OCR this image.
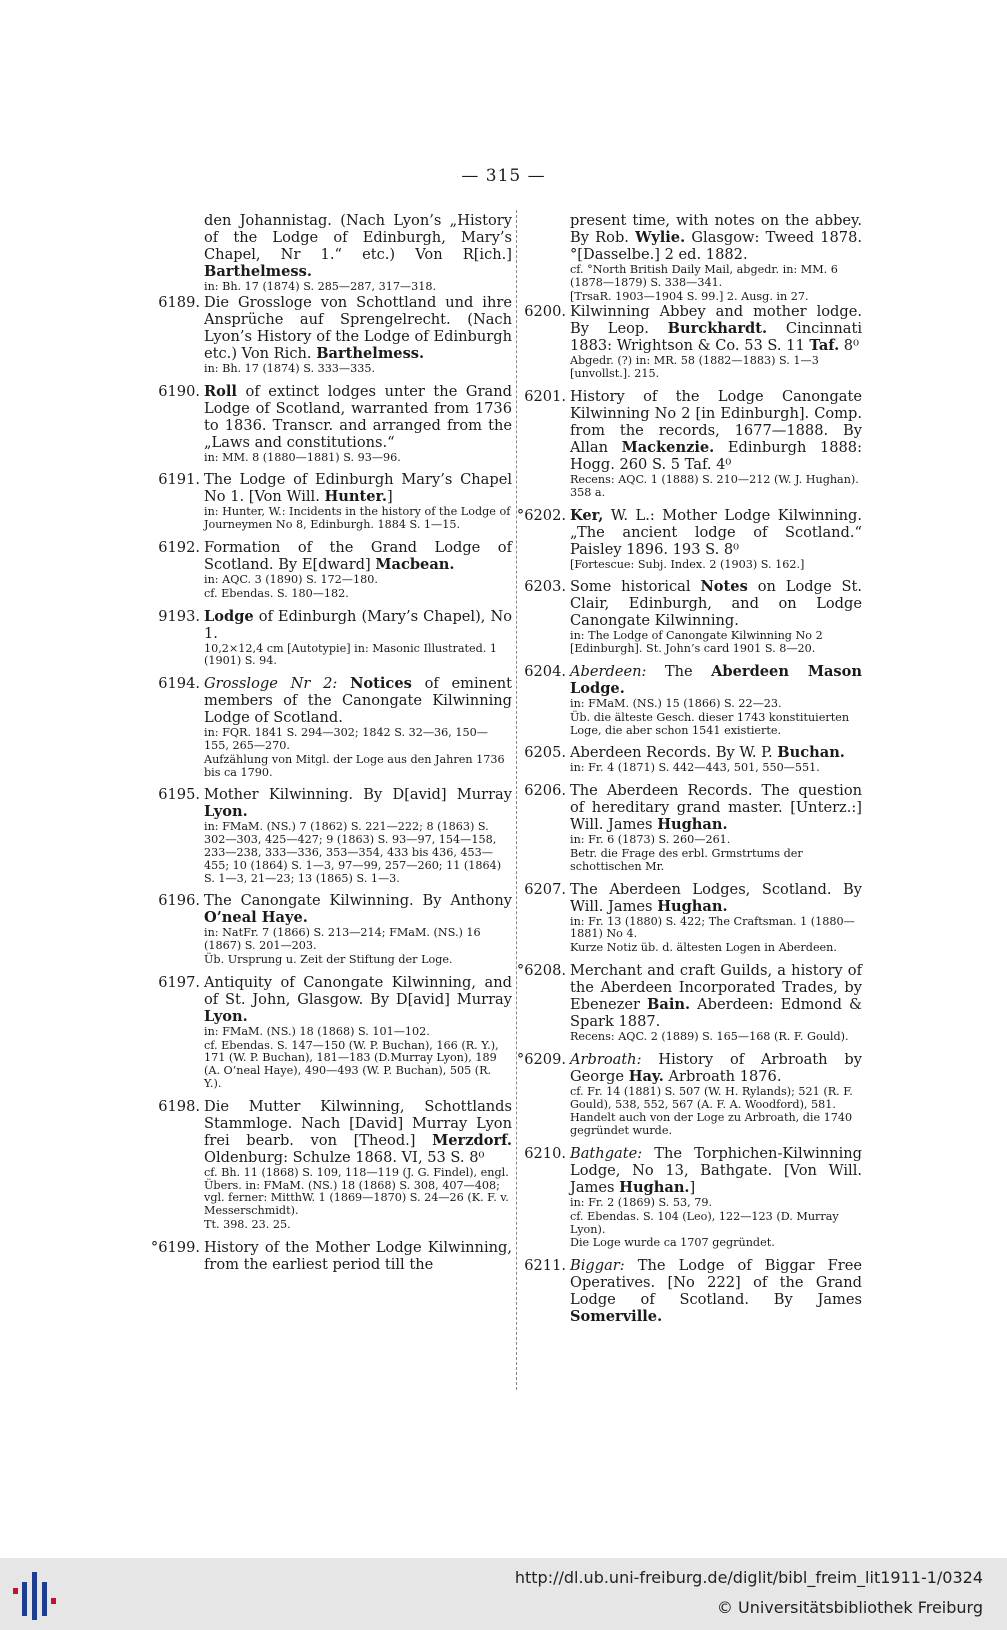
— 315 —
den Johannistag. (Nach Lyon’s „History of the Lodge of Edinburgh, Mary’s Chapel, Nr 1.“ etc.) Von R[ich.] Barthelmess.
in: Bh. 17 (1874) S. 285—287, 317—318.
6189. Die Grossloge von Schottland und ihre Ansprüche auf Sprengelrecht. (Nach Lyon’s History of the Lodge of Edinburgh etc.) Von Rich. Barthelmess.
in: Bh. 17 (1874) S. 333—335.
6190. Roll of extinct lodges unter the Grand Lodge of Scotland, warranted from 1736 to 1836. Transcr. and arranged from the „Laws and constitutions.“
in: MM. 8 (1880—1881) S. 93—96.
6191. The Lodge of Edinburgh Mary’s Chapel No 1. [Von Will. Hunter.]
in: Hunter, W.: Incidents in the history of the Lodge of Journeymen No 8, Edinburgh. 1884 S. 1—15.
6192. Formation of the Grand Lodge of Scotland. By E[dward] Macbean.
in: AQC. 3 (1890) S. 172—180.
cf. Ebendas. S. 180—182.
9193. Lodge of Edinburgh (Mary’s Chapel), No 1.
10,2×12,4 cm [Autotypie] in: Masonic Illustrated. 1 (1901) S. 94.
6194. Grossloge Nr 2: Notices of eminent members of the Canongate Kilwinning Lodge of Scotland.
in: FQR. 1841 S. 294—302; 1842 S. 32—36, 150—155, 265—270.
Aufzählung von Mitgl. der Loge aus den Jahren 1736 bis ca 1790.
6195. Mother Kilwinning. By D[avid] Murray Lyon.
in: FMaM. (NS.) 7 (1862) S. 221—222; 8 (1863) S. 302—303, 425—427; 9 (1863) S. 93—97, 154—158, 233—238, 333—336, 353—354, 433 bis 436, 453—455; 10 (1864) S. 1—3, 97—99, 257—260; 11 (1864) S. 1—3, 21—23; 13 (1865) S. 1—3.
6196. The Canongate Kilwinning. By Anthony O’neal Haye.
in: NatFr. 7 (1866) S. 213—214; FMaM. (NS.) 16 (1867) S. 201—203.
Üb. Ursprung u. Zeit der Stiftung der Loge.
6197. Antiquity of Canongate Kilwinning, and of St. John, Glasgow. By D[avid] Murray Lyon.
in: FMaM. (NS.) 18 (1868) S. 101—102.
cf. Ebendas. S. 147—150 (W. P. Buchan), 166 (R. Y.), 171 (W. P. Buchan), 181—183 (D.Murray Lyon), 189 (A. O’neal Haye), 490—493 (W. P. Buchan), 505 (R. Y.).
6198. Die Mutter Kilwinning, Schottlands Stammloge. Nach [David] Murray Lyon frei bearb. von [Theod.] Merzdorf. Oldenburg: Schulze 1868. VI, 53 S. 8⁰
cf. Bh. 11 (1868) S. 109, 118—119 (J. G. Findel), engl. Übers. in: FMaM. (NS.) 18 (1868) S. 308, 407—408; vgl. ferner: MitthW. 1 (1869—1870) S. 24—26 (K. F. v. Messerschmidt).
Tt. 398. 23. 25.
°6199. History of the Mother Lodge Kilwinning, from the earliest period till the
present time, with notes on the abbey. By Rob. Wylie. Glasgow: Tweed 1878. °[Dasselbe.] 2 ed. 1882.
cf. °North British Daily Mail, abgedr. in: MM. 6 (1878—1879) S. 338—341.
[TrsaR. 1903—1904 S. 99.] 2. Ausg. in 27.
6200. Kilwinning Abbey and mother lodge. By Leop. Burckhardt. Cincinnati 1883: Wrightson & Co. 53 S. 11 Taf. 8⁰
Abgedr. (?) in: MR. 58 (1882—1883) S. 1—3 [unvollst.]. 215.
6201. History of the Lodge Canongate Kilwinning No 2 [in Edinburgh]. Comp. from the records, 1677—1888. By Allan Mackenzie. Edinburgh 1888: Hogg. 260 S. 5 Taf. 4⁰
Recens: AQC. 1 (1888) S. 210—212 (W. J. Hughan). 358 a.
°6202. Ker, W. L.: Mother Lodge Kilwinning. „The ancient lodge of Scotland.“ Paisley 1896. 193 S. 8⁰
[Fortescue: Subj. Index. 2 (1903) S. 162.]
6203. Some historical Notes on Lodge St. Clair, Edinburgh, and on Lodge Canongate Kilwinning.
in: The Lodge of Canongate Kilwinning No 2 [Edinburgh]. St. John’s card 1901 S. 8—20.
6204. Aberdeen: The Aberdeen Mason Lodge.
in: FMaM. (NS.) 15 (1866) S. 22—23.
Üb. die älteste Gesch. dieser 1743 konstituierten Loge, die aber schon 1541 existierte.
6205. Aberdeen Records. By W. P. Buchan.
in: Fr. 4 (1871) S. 442—443, 501, 550—551.
6206. The Aberdeen Records. The question of hereditary grand master. [Unterz.:] Will. James Hughan.
in: Fr. 6 (1873) S. 260—261.
Betr. die Frage des erbl. Grmstrtums der schottischen Mr.
6207. The Aberdeen Lodges, Scotland. By Will. James Hughan.
in: Fr. 13 (1880) S. 422; The Craftsman. 1 (1880—1881) No 4.
Kurze Notiz üb. d. ältesten Logen in Aberdeen.
°6208. Merchant and craft Guilds, a history of the Aberdeen Incorporated Trades, by Ebenezer Bain. Aberdeen: Edmond & Spark 1887.
Recens: AQC. 2 (1889) S. 165—168 (R. F. Gould).
°6209. Arbroath: History of Arbroath by George Hay. Arbroath 1876.
cf. Fr. 14 (1881) S. 507 (W. H. Rylands); 521 (R. F. Gould), 538, 552, 567 (A. F. A. Woodford), 581.
Handelt auch von der Loge zu Arbroath, die 1740 gegründet wurde.
6210. Bathgate: The Torphichen-Kilwinning Lodge, No 13, Bathgate. [Von Will. James Hughan.]
in: Fr. 2 (1869) S. 53, 79.
cf. Ebendas. S. 104 (Leo), 122—123 (D. Murray Lyon).
Die Loge wurde ca 1707 gegründet.
6211. Biggar: The Lodge of Biggar Free Operatives. [No 222] of the Grand Lodge of Scotland. By James Somerville.
http://dl.ub.uni-freiburg.de/diglit/bibl_freim_lit1911-1/0324
© Universitätsbibliothek Freiburg
